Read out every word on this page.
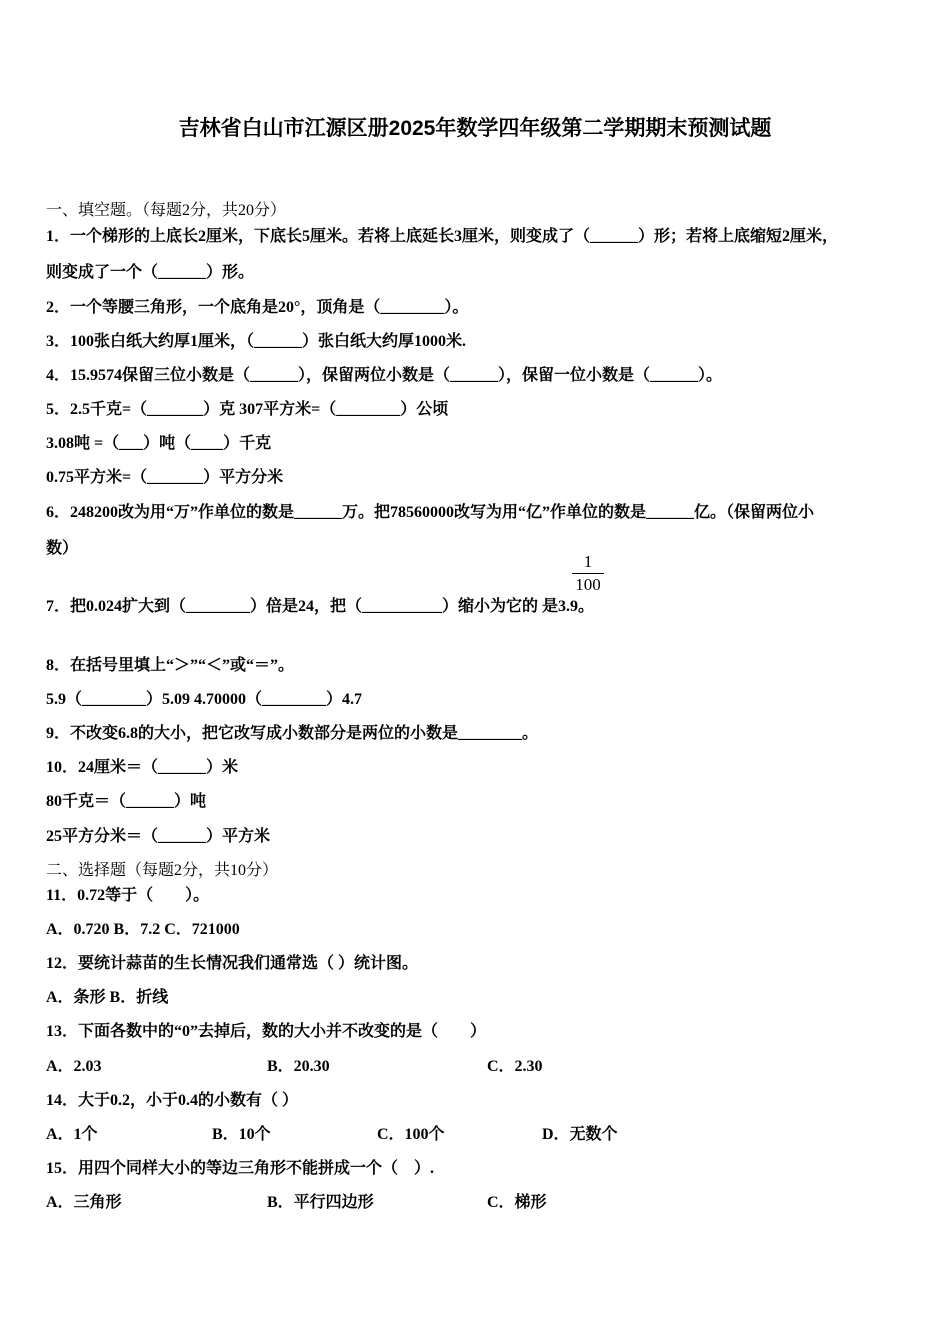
吉林省白山市江源区册2025年数学四年级第二学期期末预测试题
一、填空题。（每题2分，共20分）
1．一个梯形的上底长2厘米，下底长5厘米。若将上底延长3厘米，则变成了（______）形；若将上底缩短2厘米，
则变成了一个（______）形。
2．一个等腰三角形，一个底角是20°，顶角是（________）。
3．100张白纸大约厚1厘米，（______）张白纸大约厚1000米.
4．15.9574保留三位小数是（______），保留两位小数是（______），保留一位小数是（______）。
5．2.5千克=（_______）克 307平方米=（________）公顷
3.08吨 =（___）吨（____）千克
0.75平方米=（_______）平方分米
6．248200改为用“万”作单位的数是______万。把78560000改写为用“亿”作单位的数是______亿。（保留两位小
数）
7．把0.024扩大到（________）倍是24，把（__________）缩小为它的 是3.9。
8．在括号里填上“＞”“＜”或“＝”。
5.9（________）5.09 4.70000（________）4.7
9．不改变6.8的大小，把它改写成小数部分是两位的小数是________。
10．24厘米＝（______）米
80千克＝（______）吨
25平方分米＝（______）平方米
二、选择题（每题2分，共10分）
11．0.72等于（　　）。
A．0.720 B．7.2 C．721000
12．要统计蒜苗的生长情况我们通常选（ ）统计图。
A．条形 B．折线
13．下面各数中的“0”去掉后，数的大小并不改变的是（　　）
A．2.03	B．20.30	C．2.30
14．大于0.2，小于0.4的小数有（ ）
A．1个	B．10个	C．100个	D．无数个
15．用四个同样大小的等边三角形不能拼成一个（　）.
A．三角形	B．平行四边形	C．梯形
1
100
